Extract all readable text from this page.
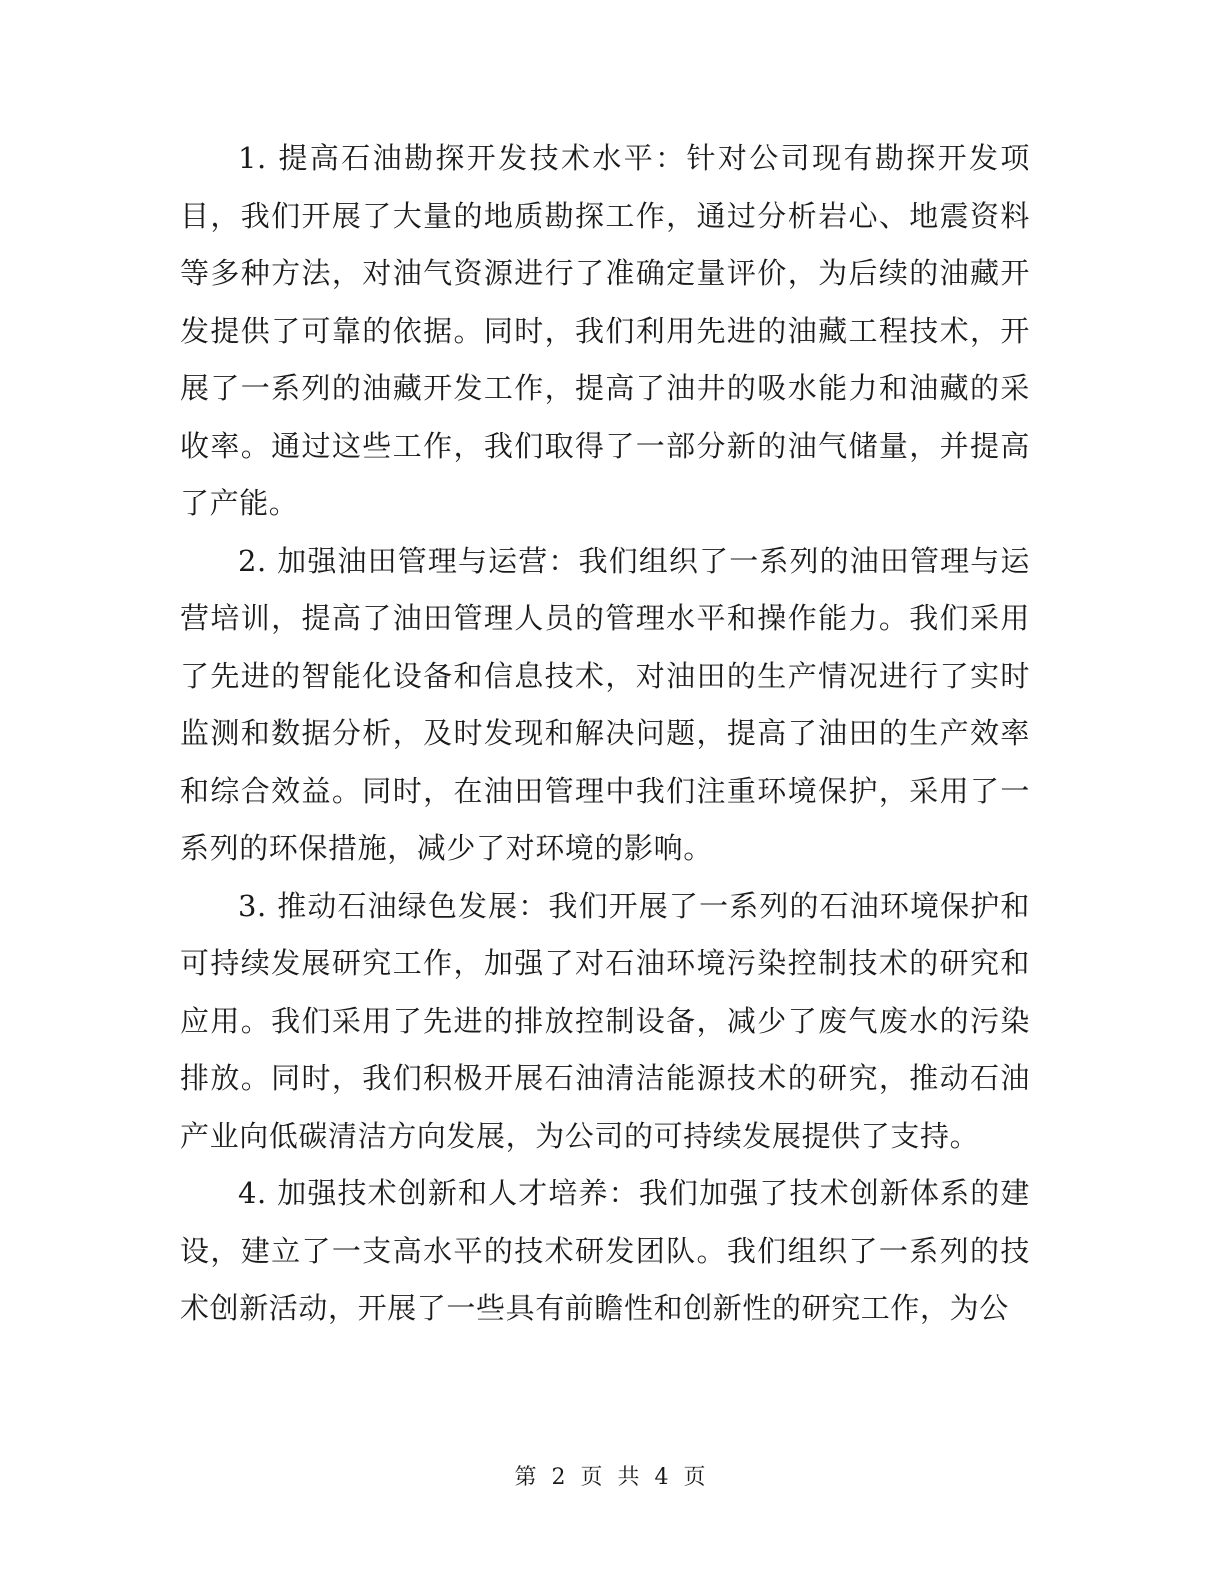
1. 提高石油勘探开发技术水平：针对公司现有勘探开发项目，我们开展了大量的地质勘探工作，通过分析岩心、地震资料等多种方法，对油气资源进行了准确定量评价，为后续的油藏开发提供了可靠的依据。同时，我们利用先进的油藏工程技术，开展了一系列的油藏开发工作，提高了油井的吸水能力和油藏的采收率。通过这些工作，我们取得了一部分新的油气储量，并提高了产能。

2. 加强油田管理与运营：我们组织了一系列的油田管理与运营培训，提高了油田管理人员的管理水平和操作能力。我们采用了先进的智能化设备和信息技术，对油田的生产情况进行了实时监测和数据分析，及时发现和解决问题，提高了油田的生产效率和综合效益。同时，在油田管理中我们注重环境保护，采用了一系列的环保措施，减少了对环境的影响。

3. 推动石油绿色发展：我们开展了一系列的石油环境保护和可持续发展研究工作，加强了对石油环境污染控制技术的研究和应用。我们采用了先进的排放控制设备，减少了废气废水的污染排放。同时，我们积极开展石油清洁能源技术的研究，推动石油产业向低碳清洁方向发展，为公司的可持续发展提供了支持。

4. 加强技术创新和人才培养：我们加强了技术创新体系的建设，建立了一支高水平的技术研发团队。我们组织了一系列的技术创新活动，开展了一些具有前瞻性和创新性的研究工作，为公

第 2 页 共 4 页
